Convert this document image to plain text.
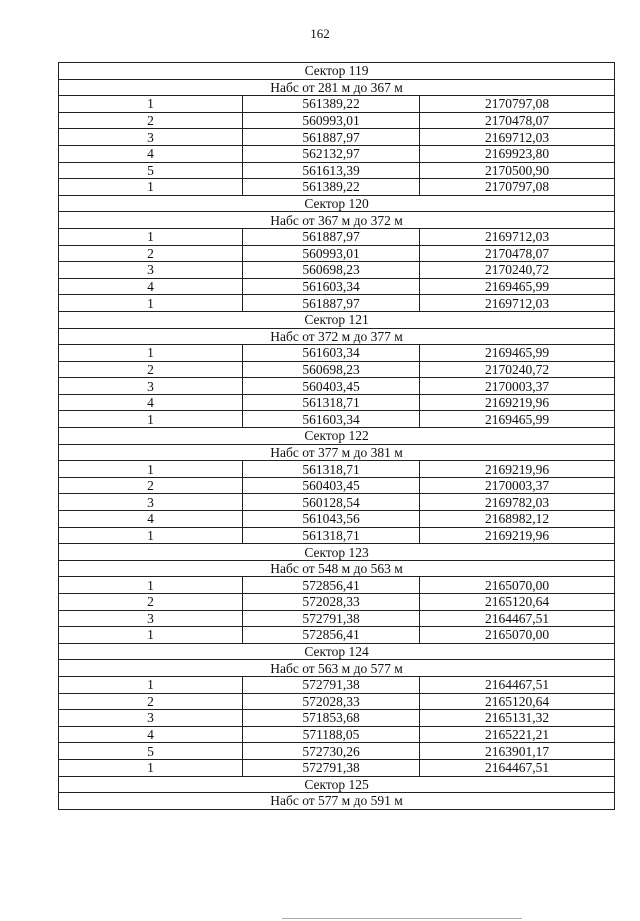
162
Сектор 119		
Набс от 281 м до 367 м		
1	561389,22	2170797,08
2	560993,01	2170478,07
3	561887,97	2169712,03
4	562132,97	2169923,80
5	561613,39	2170500,90
1	561389,22	2170797,08
Сектор 120		
Набс от 367 м до 372 м		
1	561887,97	2169712,03
2	560993,01	2170478,07
3	560698,23	2170240,72
4	561603,34	2169465,99
1	561887,97	2169712,03
Сектор 121		
Набс от 372 м до 377 м		
1	561603,34	2169465,99
2	560698,23	2170240,72
3	560403,45	2170003,37
4	561318,71	2169219,96
1	561603,34	2169465,99
Сектор 122		
Набс от 377 м до 381 м		
1	561318,71	2169219,96
2	560403,45	2170003,37
3	560128,54	2169782,03
4	561043,56	2168982,12
1	561318,71	2169219,96
Сектор 123		
Набс от 548 м до 563 м		
1	572856,41	2165070,00
2	572028,33	2165120,64
3	572791,38	2164467,51
1	572856,41	2165070,00
Сектор 124		
Набс от 563 м до 577 м		
1	572791,38	2164467,51
2	572028,33	2165120,64
3	571853,68	2165131,32
4	571188,05	2165221,21
5	572730,26	2163901,17
1	572791,38	2164467,51
Сектор 125		
Набс от 577 м до 591 м		
